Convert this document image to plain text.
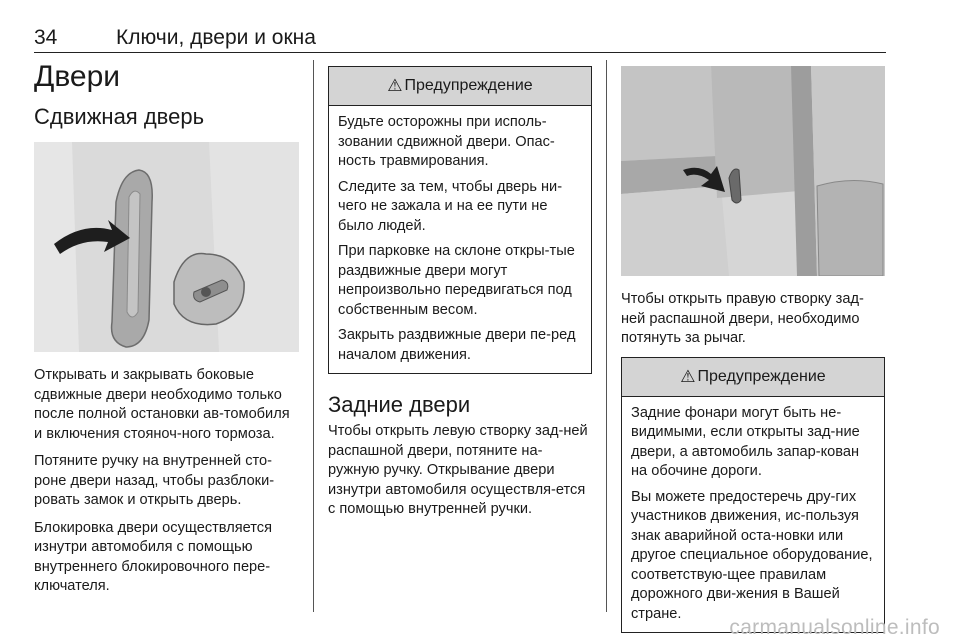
34	Ключи, двери и окна
Двери
Сдвижная дверь

Открывать и закрывать боковые сдвижные двери необходимо только после полной остановки ав-томобиля и включения стояноч-ного тормоза.

Потяните ручку на внутренней сто-роне двери назад, чтобы разблоки-ровать замок и открыть дверь.

Блокировка двери осуществляется изнутри автомобиля с помощью внутреннего блокировочного пере-ключателя.

⚠ Предупреждение

Будьте осторожны при исполь-зовании сдвижной двери. Опас-ность травмирования.

Следите за тем, чтобы дверь ни-чего не зажала и на ее пути не было людей.

При парковке на склоне откры-тые раздвижные двери могут непроизвольно передвигаться под собственным весом.

Закрыть раздвижные двери пе-ред началом движения.

Задние двери

Чтобы открыть левую створку зад-ней распашной двери, потяните на-ружную ручку. Открывание двери изнутри автомобиля осуществля-ется с помощью внутренней ручки.

Чтобы открыть правую створку зад-ней распашной двери, необходимо потянуть за рычаг.

⚠ Предупреждение

Задние фонари могут быть не-видимыми, если открыты зад-ние двери, а автомобиль запар-кован на обочине дороги.

Вы можете предостеречь дру-гих участников движения, ис-пользуя знак аварийной оста-новки или другое специальное оборудование, соответствую-щее правилам дорожного дви-жения в Вашей стране.

carmanualsonline.info
